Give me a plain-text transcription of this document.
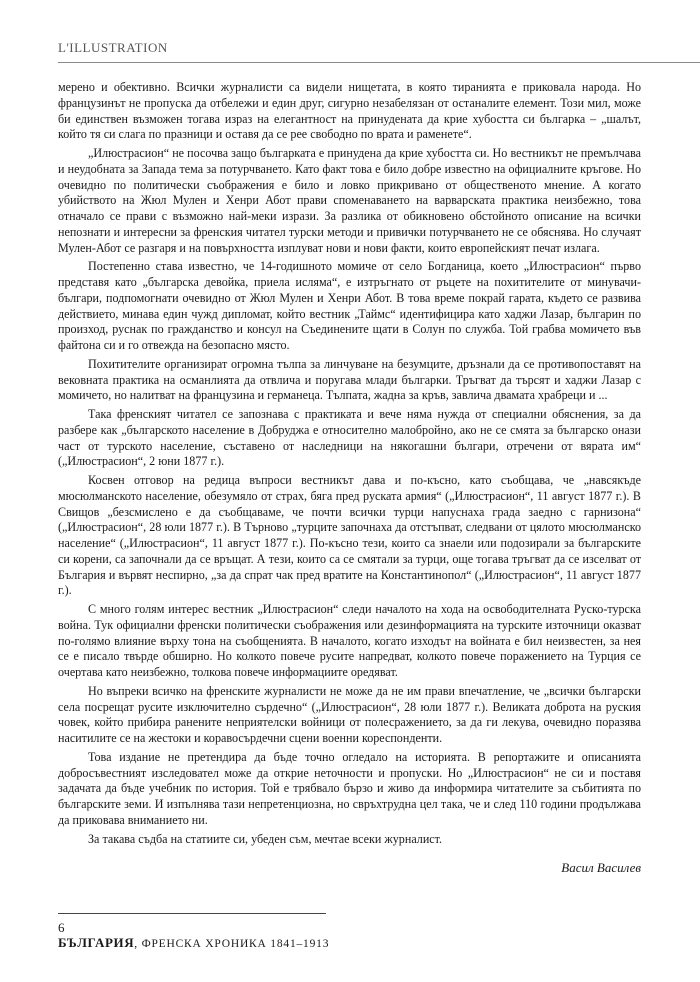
L'ILLUSTRATION

мерено и обективно. Всички журналисти са видели нищетата, в която тиранията е приковала народа. Но французинът не пропуска да отбележи и един друг, сигурно незабелязан от останалите елемент. Този мил, може би единствен възможен тогава израз на елегантност на принудената да крие хубостта си българка – „шалът, който тя си слага по празници и оставя да се рее свободно по врата и раменете“.

„Илюстрасион“ не посочва защо българката е принудена да крие хубостта си. Но вестникът не премълчава и неудобната за Запада тема за потурчването. Като факт това е било добре известно на официалните кръгове. Но очевидно по политически съображения е било и ловко прикривано от общественото мнение. А когато убийството на Жюл Мулен и Хенри Абот прави споменаването на варварската практика неизбежно, това отначало се прави с възможно най-меки изрази. За разлика от обикновено обстойното описание на всички непознати и интересни за френския читател турски методи и привички потурчването не се обяснява. Но случаят Мулен-Абот се разгаря и на повърхността изплуват нови и нови факти, които европейският печат излага.

Постепенно става известно, че 14-годишното момиче от село Богданица, което „Илюстрасион“ първо представя като „българска девойка, приела исляма“, е изтръгнато от ръцете на похитителите от минувачи-българи, подпомогнати очевидно от Жюл Мулен и Хенри Абот. В това време покрай гарата, където се развива действието, минава един чужд дипломат, който вестник „Таймс“ идентифицира като хаджи Лазар, българин по произход, руснак по гражданство и консул на Съединените щати в Солун по служба. Той грабва момичето във файтона си и го отвежда на безопасно място.

Похитителите организират огромна тълпа за линчуване на безумците, дръзнали да се противопоставят на вековната практика на османлията да отвлича и поругава млади българки. Тръгват да търсят и хаджи Лазар с момичето, но налитват на французина и германеца. Тълпата, жадна за кръв, завлича двамата храбреци и ...

Така френският читател се запознава с практиката и вече няма нужда от специални обяснения, за да разбере как „българското население в Добруджа е относително малобройно, ако не се смята за българско онази част от турското население, съставено от наследници на някогашни българи, отречени от вярата им“ („Илюстрасион“, 2 юни 1877 г.).

Косвен отговор на редица въпроси вестникът дава и по-късно, като съобщава, че „навсякъде мюсюлманското население, обезумяло от страх, бяга пред руската армия“ („Илюстрасион“, 11 август 1877 г.). В Свищов „безсмислено е да съобщаваме, че почти всички турци напуснаха града заедно с гарнизона“ („Илюстрасион“, 28 юли 1877 г.). В Търново „турците започнаха да отстъпват, следвани от цялото мюсюлманско население“ („Илюстрасион“, 11 август 1877 г.). По-късно тези, които са знаели или подозирали за българските си корени, са започнали да се връщат. А тези, които са се смятали за турци, още тогава тръгват да се изселват от България и вървят неспирно, „за да спрат чак пред вратите на Константинопол“ („Илюстрасион“, 11 август 1877 г.).

С много голям интерес вестник „Илюстрасион“ следи началото на хода на освободителната Руско-турска война. Тук официални френски политически съображения или дезинформацията на турските източници оказват по-голямо влияние върху тона на съобщенията. В началото, когато изходът на войната е бил неизвестен, за нея се е писало твърде обширно. Но колкото повече русите напредват, колкото повече поражението на Турция се очертава като неизбежно, толкова повече информациите оредяват.

Но въпреки всичко на френските журналисти не може да не им прави впечатление, че „всички български села посрещат русите изключително сърдечно“ („Илюстрасион“, 28 юли 1877 г.). Великата доброта на руския човек, който прибира ранените неприятелски войници от полесражението, за да ги лекува, очевидно поразява наситилите се на жестоки и коравосърдечни сцени военни кореспонденти.

Това издание не претендира да бъде точно огледало на историята. В репортажите и описанията добросъвестният изследовател може да открие неточности и пропуски. Но „Илюстрасион“ не си и поставя задачата да бъде учебник по история. Той е трябвало бързо и живо да информира читателите за събитията по българските земи. И изпълнява тази непретенциозна, но свръхтрудна цел така, че и след 110 години продължава да приковава вниманието ни.

За такава съдба на статиите си, убеден съм, мечтае всеки журналист.

Васил Василев
6
БЪЛГАРИЯ, ФРЕНСКА ХРОНИКА 1841–1913
